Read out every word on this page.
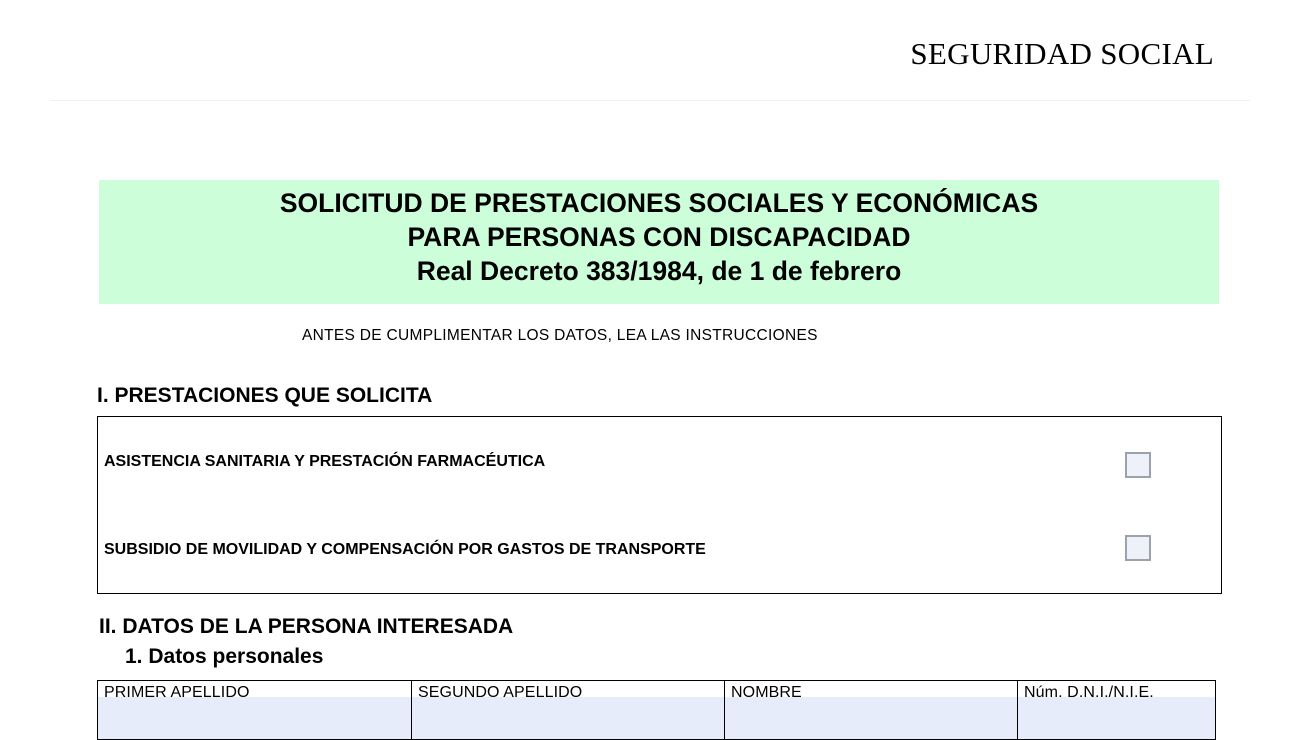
SEGURIDAD SOCIAL
SOLICITUD DE PRESTACIONES SOCIALES Y ECONÓMICAS
PARA PERSONAS CON DISCAPACIDAD
Real Decreto 383/1984, de 1 de febrero
ANTES DE CUMPLIMENTAR LOS DATOS, LEA LAS INSTRUCCIONES
I. PRESTACIONES QUE SOLICITA
ASISTENCIA SANITARIA Y PRESTACIÓN FARMACÉUTICA
SUBSIDIO DE MOVILIDAD Y COMPENSACIÓN POR GASTOS DE TRANSPORTE
II. DATOS DE LA PERSONA INTERESADA
1. Datos personales
PRIMER APELLIDO	SEGUNDO APELLIDO	NOMBRE	Núm. D.N.I./N.I.E.
